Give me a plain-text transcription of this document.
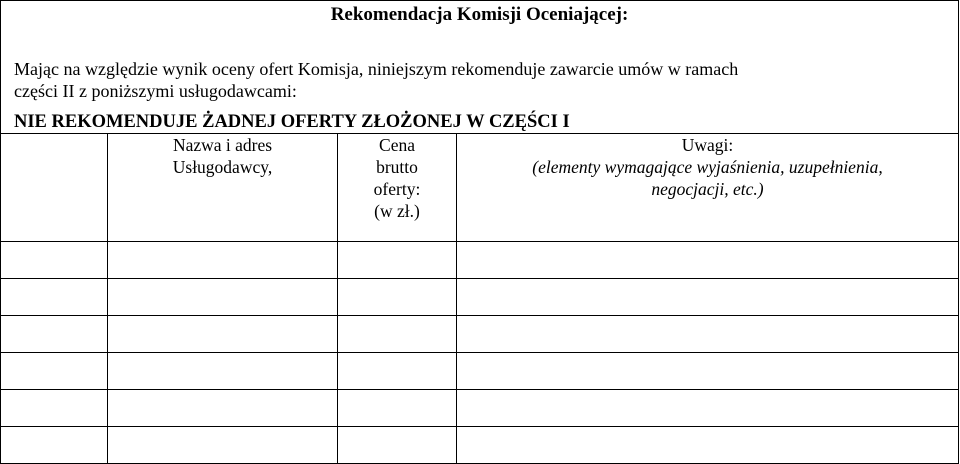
Rekomendacja Komisji Oceniającej:

Mając na względzie wynik oceny ofert Komisja, niniejszym rekomenduje zawarcie umów w ramach

części II z poniższymi usługodawcami:

NIE REKOMENDUJE ŻADNEJ OFERTY ZŁOŻONEJ W CZĘŚCI I

	Nazwa i adres
Usługodawcy,	Cena
brutto
oferty:
(w zł.)	Uwagi:
(elementy wymagające wyjaśnienia, uzupełnienia,
negocjacji, etc.)
